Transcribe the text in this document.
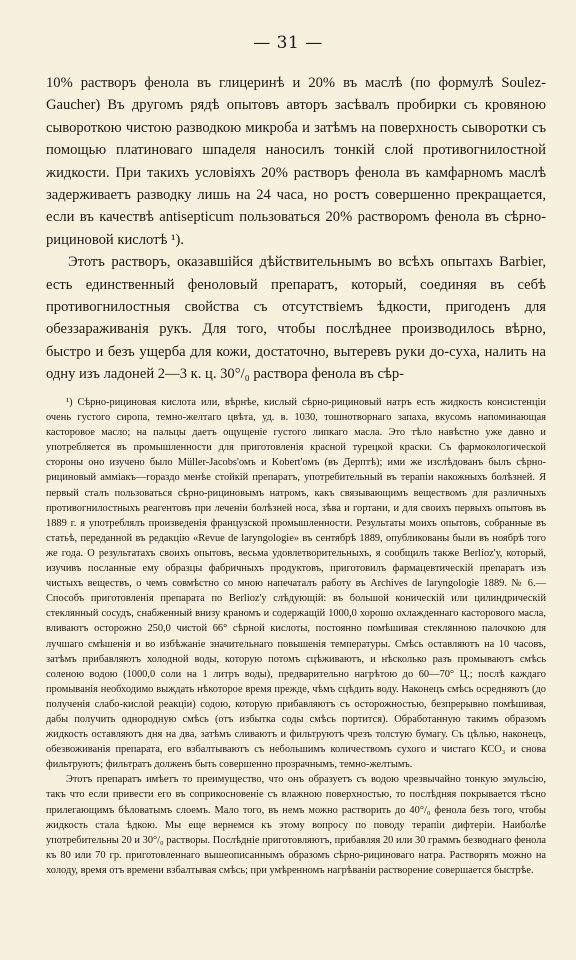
— 31 —

10% растворъ фенола въ глицеринѣ и 20% въ маслѣ (по формулѣ Soulez-Gaucher) Въ другомъ рядѣ опытовъ авторъ засѣвалъ пробирки съ кровяною сывороткою чистою разводкою микроба и затѣмъ на поверхность сыворотки съ помощью платиноваго шпаделя наносилъ тонкій слой противогнилостной жидкости. При такихъ условіяхъ 20% растворъ фенола въ камфарномъ маслѣ задерживаетъ разводку лишь на 24 часа, но ростъ совершенно прекращается, если въ качествѣ antisepticum пользоваться 20% растворомъ фенола въ сѣрно-рициновой кислотѣ ¹).

Этотъ растворъ, оказавшійся дѣйствительнымъ во всѣхъ опытахъ Barbier, есть единственный феноловый препаратъ, который, соединяя въ себѣ противогнилостныя свойства съ отсутствіемъ ѣдкости, пригоденъ для обеззараживанія рукъ. Для того, чтобы послѣднее производилось вѣрно, быстро и безъ ущерба для кожи, достаточно, вытеревъ руки до-суха, налить на одну изъ ладоней 2—3 к. ц. 30°/₀ раствора фенола въ сѣр-

¹) Сѣрно-рициновая кислота или, вѣрнѣе, кислый сѣрно-рициновый натръ есть жидкость консистенціи очень густого сиропа, темно-желтаго цвѣта, уд. в. 1030, тошнотворнаго запаха, вкусомъ напоминающая касторовое масло; на пальцы даетъ ощущеніе густого липкаго масла. Это тѣло навѣстно уже давно и употребляется въ промышленности для приготовленія красной турецкой краски. Съ фармокологической стороны оно изучено было Müller-Jacobs'омъ и Kobert'омъ (въ Дерптѣ); ими же изслѣдованъ былъ сѣрно-рициновый амміакъ—гораздо менѣе стойкій препаратъ, употребительный въ терапіи накожныхъ болѣзней. Я первый сталъ пользоваться сѣрно-рициновымъ натромъ, какъ связывающимъ веществомъ для различныхъ противогнилостныхъ реагентовъ при леченіи болѣзней носа, зѣва и гортани, и для своихъ первыхъ опытовъ въ 1889 г. я употреблялъ произведенія французской промышленности. Результаты моихъ опытовъ, собранные въ статьѣ, переданной въ редакцію «Revue de laryngologie» въ сентябрѣ 1889, опубликованы были въ ноябрѣ того же года. О результатахъ своихъ опытовъ, весьма удовлетворительныхъ, я сообщилъ также Berlioz'у, который, изучивъ посланные ему образцы фабричныхъ продуктовъ, приготовилъ фармацевтическій препаратъ изъ чистыхъ веществъ, о чемъ совмѣстно со мною напечаталъ работу въ Archives de laryngologie 1889. № 6.—Способъ приготовленія препарата по Berlioz'у слѣдующій: въ большой коническій или цилиндрическій стеклянный сосудъ, снабженный внизу краномъ и содержащій 1000,0 хорошо охлажденнаго касторового масла, вливаютъ осторожно 250,0 чистой 66° сѣрной кислоты, постоянно помѣшивая стеклянною палочкою для лучшаго смѣшенія и во избѣжаніе значительнаго повышенія температуры. Смѣсь оставляютъ на 10 часовъ, затѣмъ прибавляютъ холодной воды, которую потомъ сцѣживаютъ, и нѣсколько разъ промываютъ смѣсь соленою водою (1000,0 соли на 1 литръ воды), предварительно нагрѣтою до 60—70° Ц.; послѣ каждаго промыванія необходимо выждать нѣкоторое время прежде, чѣмъ сцѣдить воду. Наконецъ смѣсь осредняютъ (до полученія слабо-кислой реакціи) содою, которую прибавляютъ съ осторожностью, безпрерывно помѣшивая, дабы получить однородную смѣсь (отъ избытка соды смѣсь портится). Обработанную такимъ образомъ жидкость оставляютъ дня на два, затѣмъ сливаютъ и фильтруютъ чрезъ толстую бумагу. Съ цѣлью, наконецъ, обезвоживанія препарата, его взбалтываютъ съ небольшимъ количествомъ сухого и чистаго КСО₃ и снова фильтруютъ; фильтратъ долженъ быть совершенно прозрачнымъ, темно-желтымъ.

Этотъ препаратъ имѣетъ то преимущество, что онъ образуетъ съ водою чрезвычайно тонкую эмульсію, такъ что если привести его въ соприкосновеніе съ влажною поверхностью, то послѣдняя покрывается тѣсно прилегающимъ бѣловатымъ слоемъ. Мало того, въ немъ можно растворить до 40°/₀ фенола безъ того, чтобы жидкость стала ѣдкою. Мы еще вернемся къ этому вопросу по поводу терапіи дифтеріи. Наиболѣе употребительны 20 и 30°/₀ растворы. Послѣдніе приготовляютъ, прибавляя 20 или 30 граммъ безводнаго фенола къ 80 или 70 гр. приготовленнаго вышеописаннымъ образомъ сѣрно-рициноваго натра. Растворять можно на холоду, время отъ времени взбалтывая смѣсь; при умѣренномъ нагрѣваніи растворение совершается быстрѣе.
